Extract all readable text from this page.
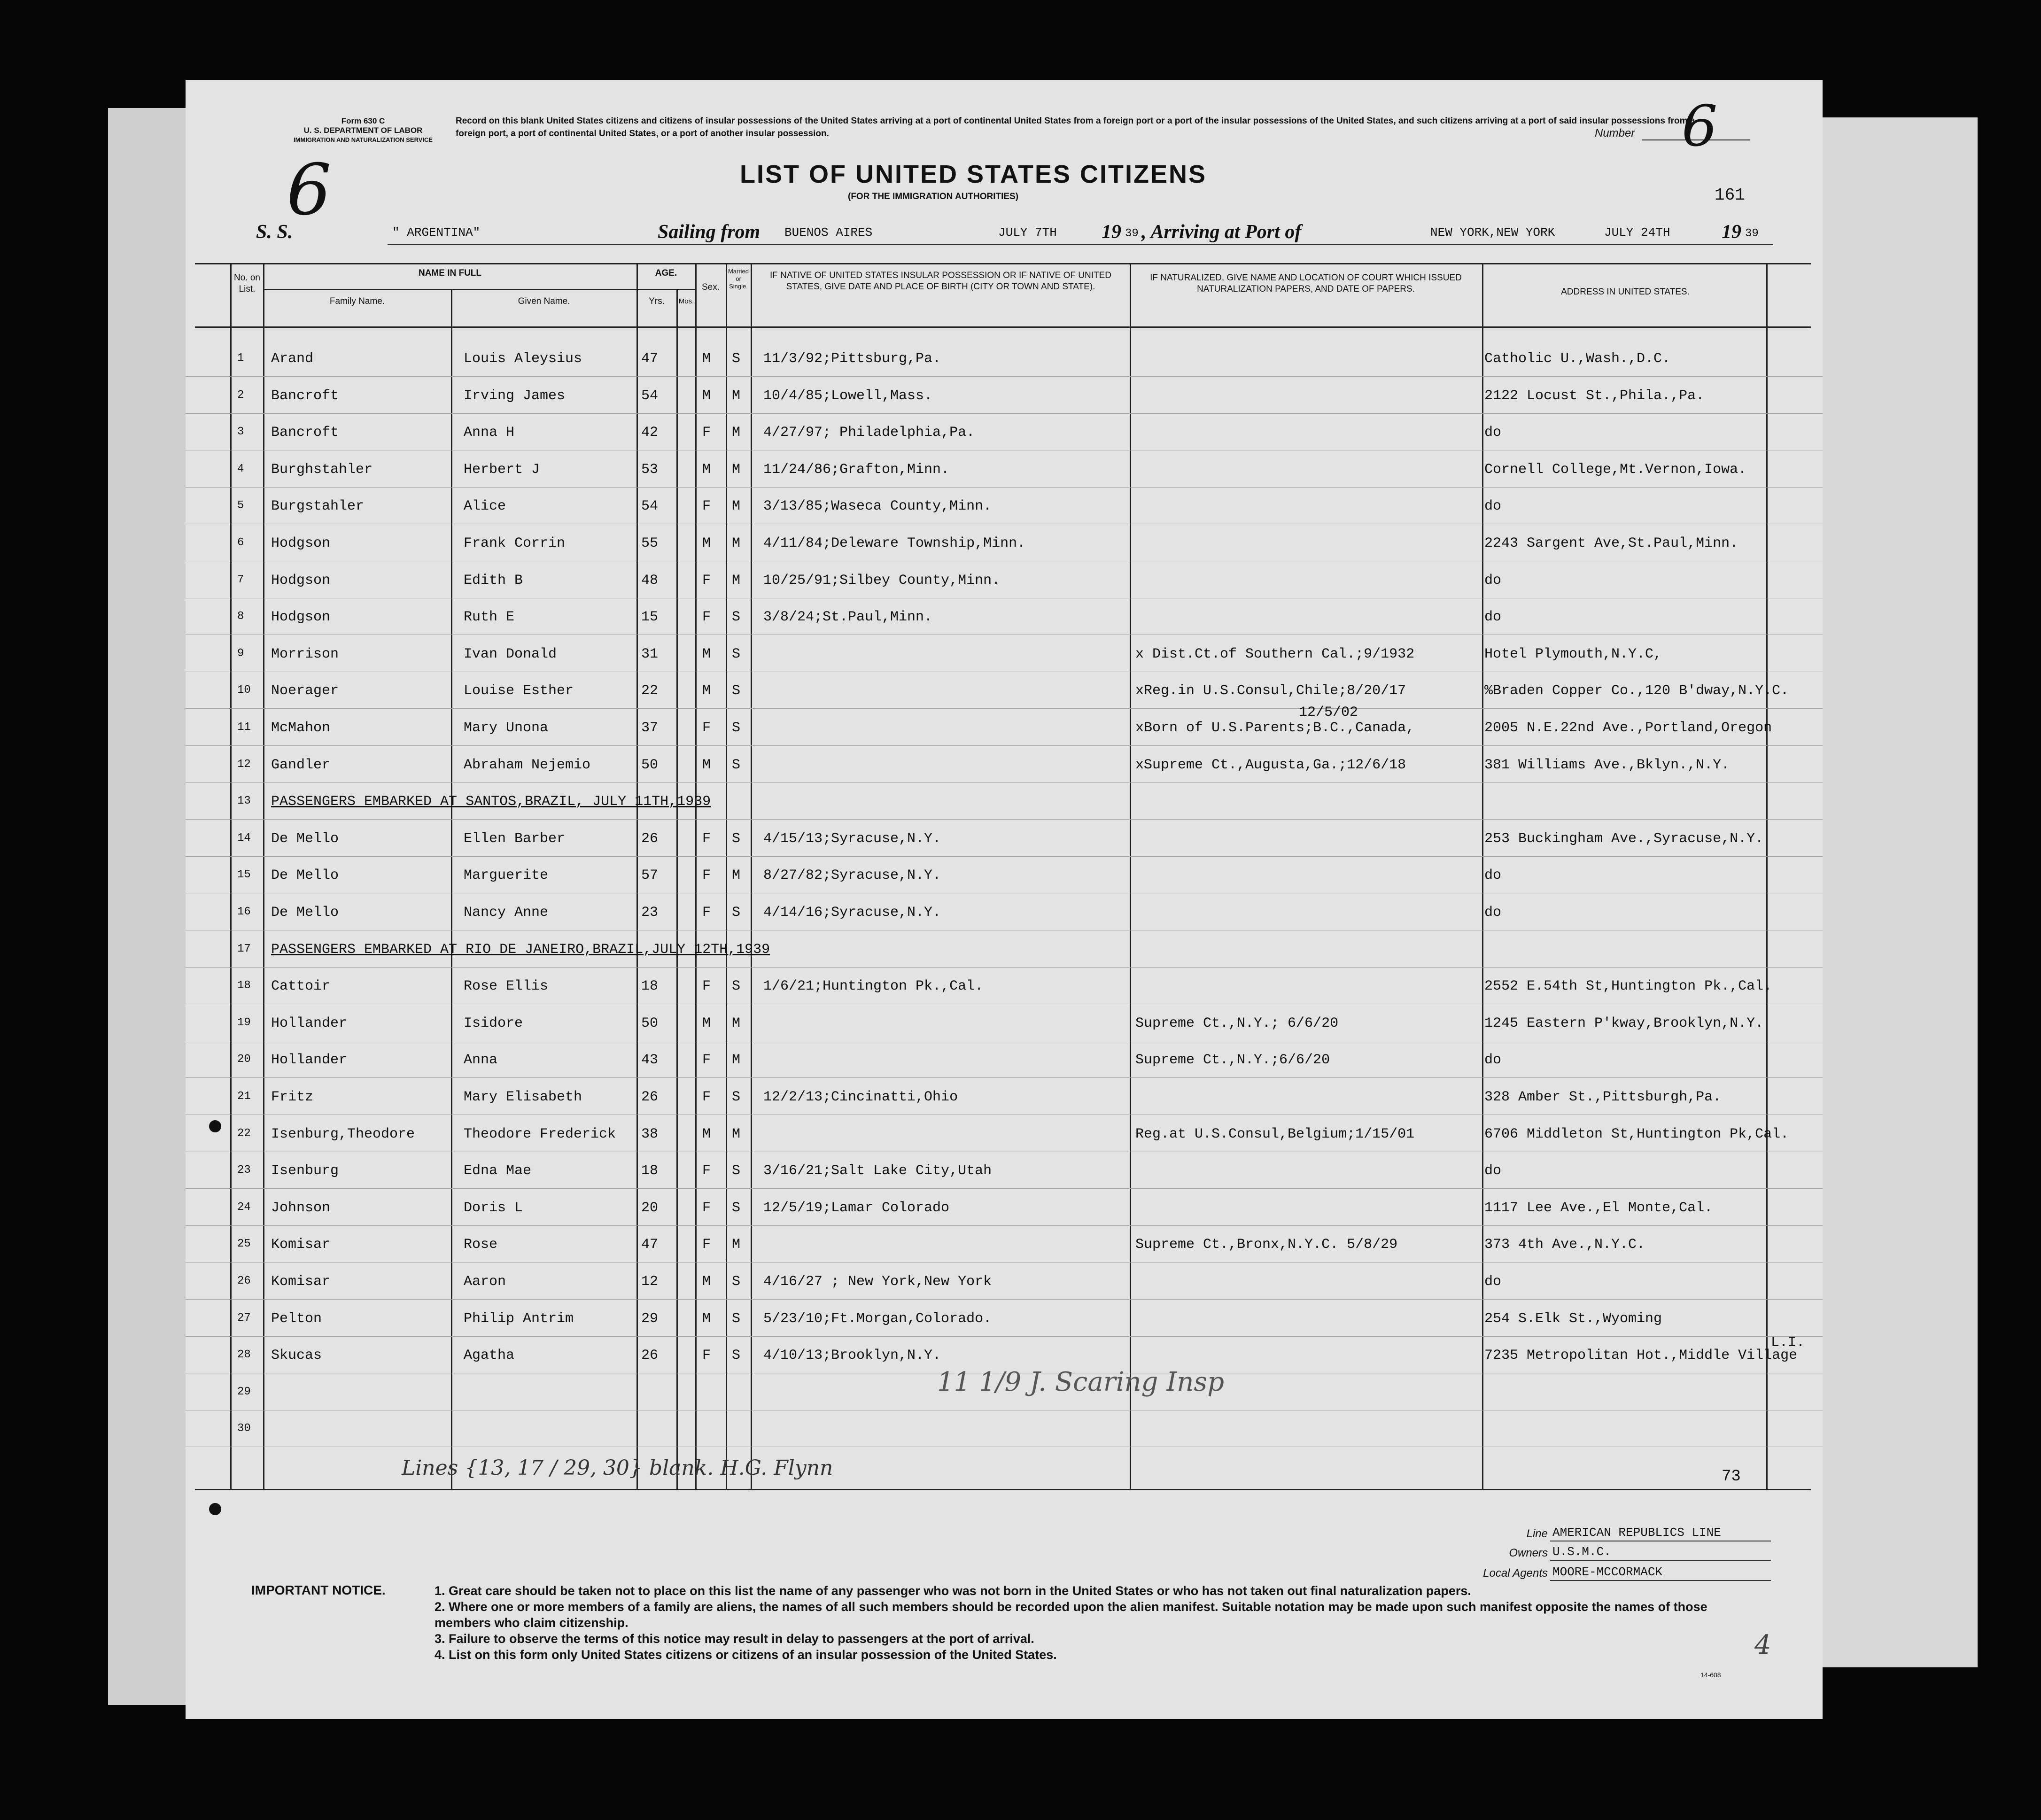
Form 630 C
U. S. DEPARTMENT OF LABOR
IMMIGRATION AND NATURALIZATION SERVICE
6
Record on this blank United States citizens and citizens of insular possessions of the United States arriving at a port of continental United States from a foreign port or a port of the insular possessions of the United States, and such citizens arriving at a port of said insular possessions from a foreign port, a port of continental United States, or a port of another insular possession.	Number 6
LIST OF UNITED STATES CITIZENS
(FOR THE IMMIGRATION AUTHORITIES)	161
S. S.	" ARGENTINA"	Sailing from BUENOS AIRES	JULY 7TH 19 39 , Arriving at Port of	NEW YORK,NEW YORK	JULY 24TH	19 39
No. on List.
NAME IN FULL
Family Name.	Given Name.
AGE.
Yrs.	Mos.
Sex.
Married or Single.
IF NATIVE OF UNITED STATES INSULAR POSSESSION OR IF NATIVE OF UNITED STATES, GIVE DATE AND PLACE OF BIRTH (CITY OR TOWN AND STATE).
IF NATURALIZED, GIVE NAME AND LOCATION OF COURT WHICH ISSUED NATURALIZATION PAPERS, AND DATE OF PAPERS.	ADDRESS IN UNITED STATES.
1 Arand	Louis Aleysius	47	M S 11/3/92;Pittsburg,Pa.	Catholic U.,Wash.,D.C.
2 Bancroft	Irving James	54	M M 10/4/85;Lowell,Mass.	2122 Locust St.,Phila.,Pa.
3 Bancroft	Anna H	42	F M 4/27/97; Philadelphia,Pa.	do
4 Burghstahler	Herbert J	53	M M 11/24/86;Grafton,Minn.	Cornell College,Mt.Vernon,Iowa.
5 Burgstahler	Alice	54	F M 3/13/85;Waseca County,Minn.	do
6 Hodgson	Frank Corrin	55	M M 4/11/84;Deleware Township,Minn.	2243 Sargent Ave,St.Paul,Minn.
7 Hodgson	Edith B	48	F M 10/25/91;Silbey County,Minn.	do
8 Hodgson	Ruth E	15	F S 3/8/24;St.Paul,Minn.	do
9 Morrison	Ivan Donald	31	M S	x Dist.Ct.of Southern Cal.;9/1932	Hotel Plymouth,N.Y.C,
10 Noerager	Louise Esther	22	M S	xReg.in U.S.Consul,Chile;8/20/17	%Braden Copper Co.,120 B'dway,N.Y.C.
11 McMahon	Mary Unona	37	F S	xBorn of U.S.Parents;B.C.,Canada,	2005 N.E.22nd Ave.,Portland,Oregon
12 Gandler	Abraham Nejemio	50	M S	xSupreme Ct.,Augusta,Ga.;12/6/18	381 Williams Ave.,Bklyn.,N.Y.
13 PASSENGERS EMBARKED AT SANTOS,BRAZIL, JULY 11TH,1939
14 De Mello	Ellen Barber	26	F S 4/15/13;Syracuse,N.Y.	253 Buckingham Ave.,Syracuse,N.Y.
15 De Mello	Marguerite	57	F M 8/27/82;Syracuse,N.Y.	do
16 De Mello	Nancy Anne	23	F S 4/14/16;Syracuse,N.Y.	do
17 PASSENGERS EMBARKED AT RIO DE JANEIRO,BRAZIL,JULY 12TH,1939
18 Cattoir	Rose Ellis	18	F S 1/6/21;Huntington Pk.,Cal.	2552 E.54th St,Huntington Pk.,Cal.
19 Hollander	Isidore	50	M M	Supreme Ct.,N.Y.; 6/6/20	1245 Eastern P'kway,Brooklyn,N.Y.
20 Hollander	Anna	43	F M	Supreme Ct.,N.Y.;6/6/20	do
21 Fritz	Mary Elisabeth	26	F S 12/2/13;Cincinatti,Ohio	328 Amber St.,Pittsburgh,Pa.
22 Isenburg,Theodore	Theodore Frederick 38	M M	Reg.at U.S.Consul,Belgium;1/15/01	6706 Middleton St,Huntington Pk,Cal.
23 Isenburg	Edna Mae	18	F S 3/16/21;Salt Lake City,Utah	do
24 Johnson	Doris L	20	F S 12/5/19;Lamar Colorado	1117 Lee Ave.,El Monte,Cal.
25 Komisar	Rose	47	F M	Supreme Ct.,Bronx,N.Y.C. 5/8/29	373 4th Ave.,N.Y.C.
26 Komisar	Aaron	12	M S 4/16/27 ; New York,New York	do
27 Pelton	Philip Antrim	29	M S 5/23/10;Ft.Morgan,Colorado.	254 S.Elk St.,Wyoming
28 Skucas	Agatha	26	F S 4/10/13;Brooklyn,N.Y.	7235 Metropolitan Hot.,Middle Village
29
30
12/5/02
L.I.
Lines {13, 17 / 29, 30} blank. H.G. Flynn
11 1/9 J. Scaring Insp
73
Line AMERICAN REPUBLICS LINE
Owners U.S.M.C.
Local Agents MOORE-MCCORMACK
IMPORTANT NOTICE.	1. Great care should be taken not to place on this list the name of any passenger who was not born in the United States or who has not taken out final naturalization papers.
2. Where one or more members of a family are aliens, the names of all such members should be recorded upon the alien manifest. Suitable notation may be made upon such manifest opposite the names of those members who claim citizenship.
3. Failure to observe the terms of this notice may result in delay to passengers at the port of arrival.
4. List on this form only United States citizens or citizens of an insular possession of the United States.
14-608
4
